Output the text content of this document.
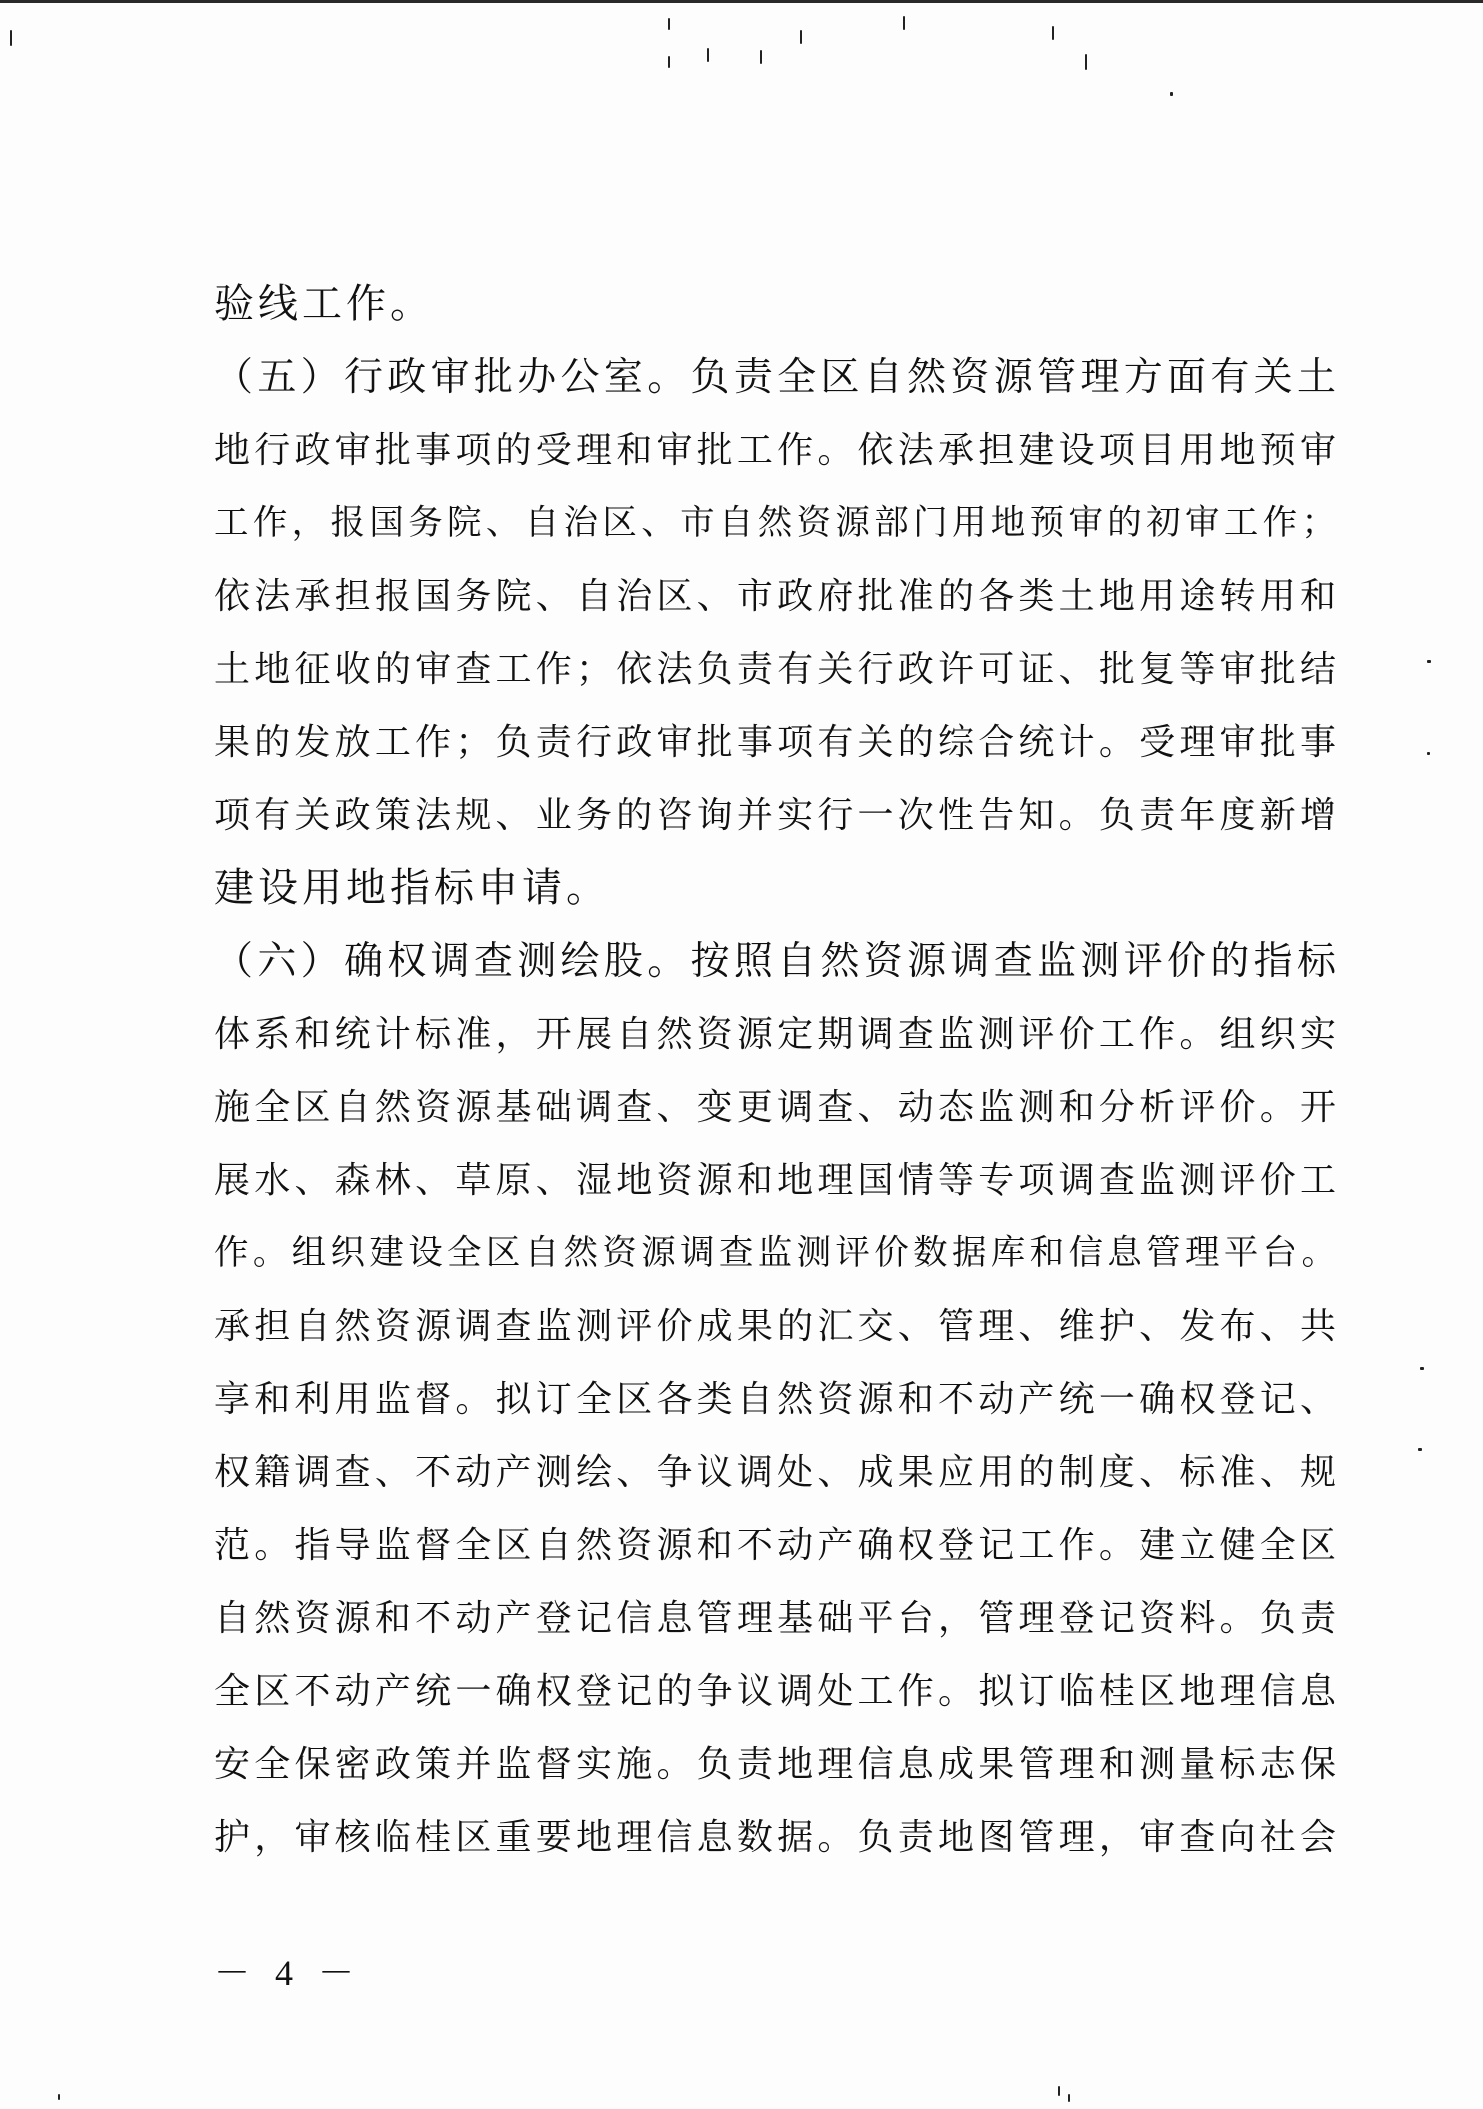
验线工作。
（五）行政审批办公室。负责全区自然资源管理方面有关土
地行政审批事项的受理和审批工作。依法承担建设项目用地预审
工作，报国务院、自治区、市自然资源部门用地预审的初审工作；
依法承担报国务院、自治区、市政府批准的各类土地用途转用和
土地征收的审查工作；依法负责有关行政许可证、批复等审批结
果的发放工作；负责行政审批事项有关的综合统计。受理审批事
项有关政策法规、业务的咨询并实行一次性告知。负责年度新增
建设用地指标申请。
（六）确权调查测绘股。按照自然资源调查监测评价的指标
体系和统计标准，开展自然资源定期调查监测评价工作。组织实
施全区自然资源基础调查、变更调查、动态监测和分析评价。开
展水、森林、草原、湿地资源和地理国情等专项调查监测评价工
作。组织建设全区自然资源调查监测评价数据库和信息管理平台。
承担自然资源调查监测评价成果的汇交、管理、维护、发布、共
享和利用监督。拟订全区各类自然资源和不动产统一确权登记、
权籍调查、不动产测绘、争议调处、成果应用的制度、标准、规
范。指导监督全区自然资源和不动产确权登记工作。建立健全区
自然资源和不动产登记信息管理基础平台，管理登记资料。负责
全区不动产统一确权登记的争议调处工作。拟订临桂区地理信息
安全保密政策并监督实施。负责地理信息成果管理和测量标志保
护，审核临桂区重要地理信息数据。负责地图管理，审查向社会
－ 4 －
